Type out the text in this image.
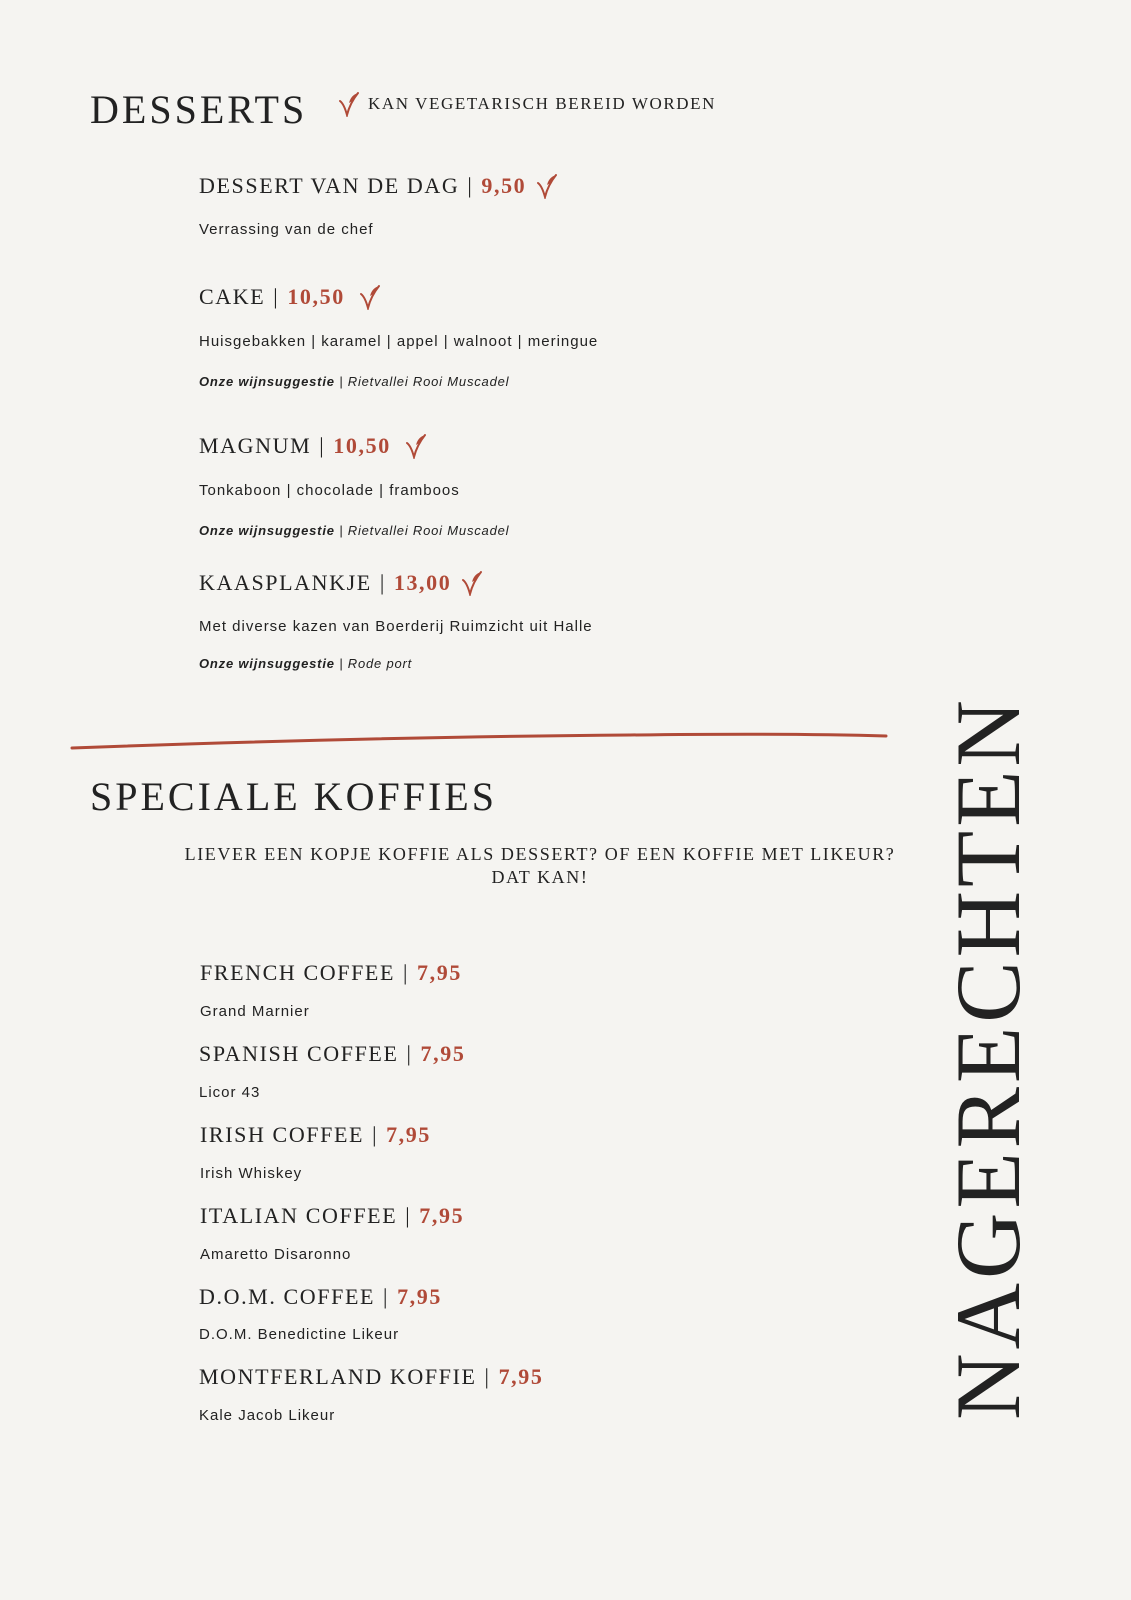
DESSERTS	KAN VEGETARISCH BEREID WORDEN
DESSERT VAN DE DAG | 9,50
Verrassing van de chef
CAKE | 10,50
Huisgebakken | karamel | appel | walnoot | meringue
Onze wijnsuggestie | Rietvallei Rooi Muscadel
MAGNUM | 10,50
Tonkaboon | chocolade | framboos
Onze wijnsuggestie | Rietvallei Rooi Muscadel
KAASPLANKJE | 13,00
Met diverse kazen van Boerderij Ruimzicht uit Halle
Onze wijnsuggestie | Rode port
SPECIALE KOFFIES
LIEVER EEN KOPJE KOFFIE ALS DESSERT? OF EEN KOFFIE MET LIKEUR?
DAT KAN!
FRENCH COFFEE | 7,95
Grand Marnier
SPANISH COFFEE | 7,95
Licor 43
IRISH COFFEE | 7,95
Irish Whiskey
ITALIAN COFFEE | 7,95
Amaretto Disaronno
D.O.M. COFFEE | 7,95
D.O.M. Benedictine Likeur
MONTFERLAND KOFFIE | 7,95
Kale Jacob Likeur	NAGERECHTEN
